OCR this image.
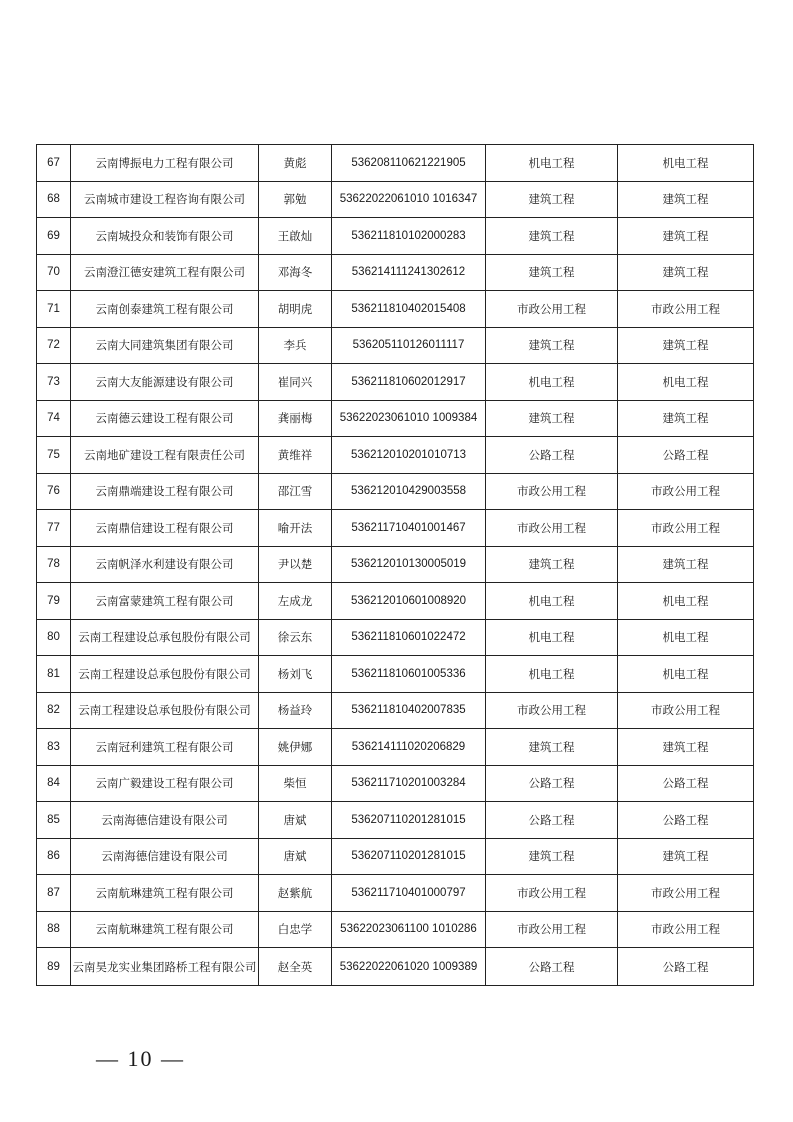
67	云南博振电力工程有限公司	黄彪	536208110621221905	机电工程	机电工程
68	云南城市建设工程咨询有限公司	郭勉	53622022061010 1016347	建筑工程	建筑工程
69	云南城投众和装饰有限公司	王啟灿	536211810102000283	建筑工程	建筑工程
70	云南澄江德安建筑工程有限公司	邓海冬	536214111241302612	建筑工程	建筑工程
71	云南创泰建筑工程有限公司	胡明虎	536211810402015408	市政公用工程	市政公用工程
72	云南大同建筑集团有限公司	李兵	536205110126011117	建筑工程	建筑工程
73	云南大友能源建设有限公司	崔同兴	536211810602012917	机电工程	机电工程
74	云南德云建设工程有限公司	龚丽梅	53622023061010 1009384	建筑工程	建筑工程
75	云南地矿建设工程有限责任公司	黄维祥	536212010201010713	公路工程	公路工程
76	云南鼎端建设工程有限公司	邵江雪	536212010429003558	市政公用工程	市政公用工程
77	云南鼎信建设工程有限公司	喻开法	536211710401001467	市政公用工程	市政公用工程
78	云南帆泽水利建设有限公司	尹以楚	536212010130005019	建筑工程	建筑工程
79	云南富蒙建筑工程有限公司	左成龙	536212010601008920	机电工程	机电工程
80	云南工程建设总承包股份有限公司	徐云东	536211810601022472	机电工程	机电工程
81	云南工程建设总承包股份有限公司	杨刘飞	536211810601005336	机电工程	机电工程
82	云南工程建设总承包股份有限公司	杨益玲	536211810402007835	市政公用工程	市政公用工程
83	云南冠利建筑工程有限公司	姚伊娜	536214111020206829	建筑工程	建筑工程
84	云南广毅建设工程有限公司	柴恒	536211710201003284	公路工程	公路工程
85	云南海德信建设有限公司	唐斌	536207110201281015	公路工程	公路工程
86	云南海德信建设有限公司	唐斌	536207110201281015	建筑工程	建筑工程
87	云南航琳建筑工程有限公司	赵紫航	536211710401000797	市政公用工程	市政公用工程
88	云南航琳建筑工程有限公司	白忠学	53622023061100 1010286	市政公用工程	市政公用工程
89	云南昊龙实业集团路桥工程有限公司	赵全英	53622022061020 1009389	公路工程	公路工程
— 10 —
